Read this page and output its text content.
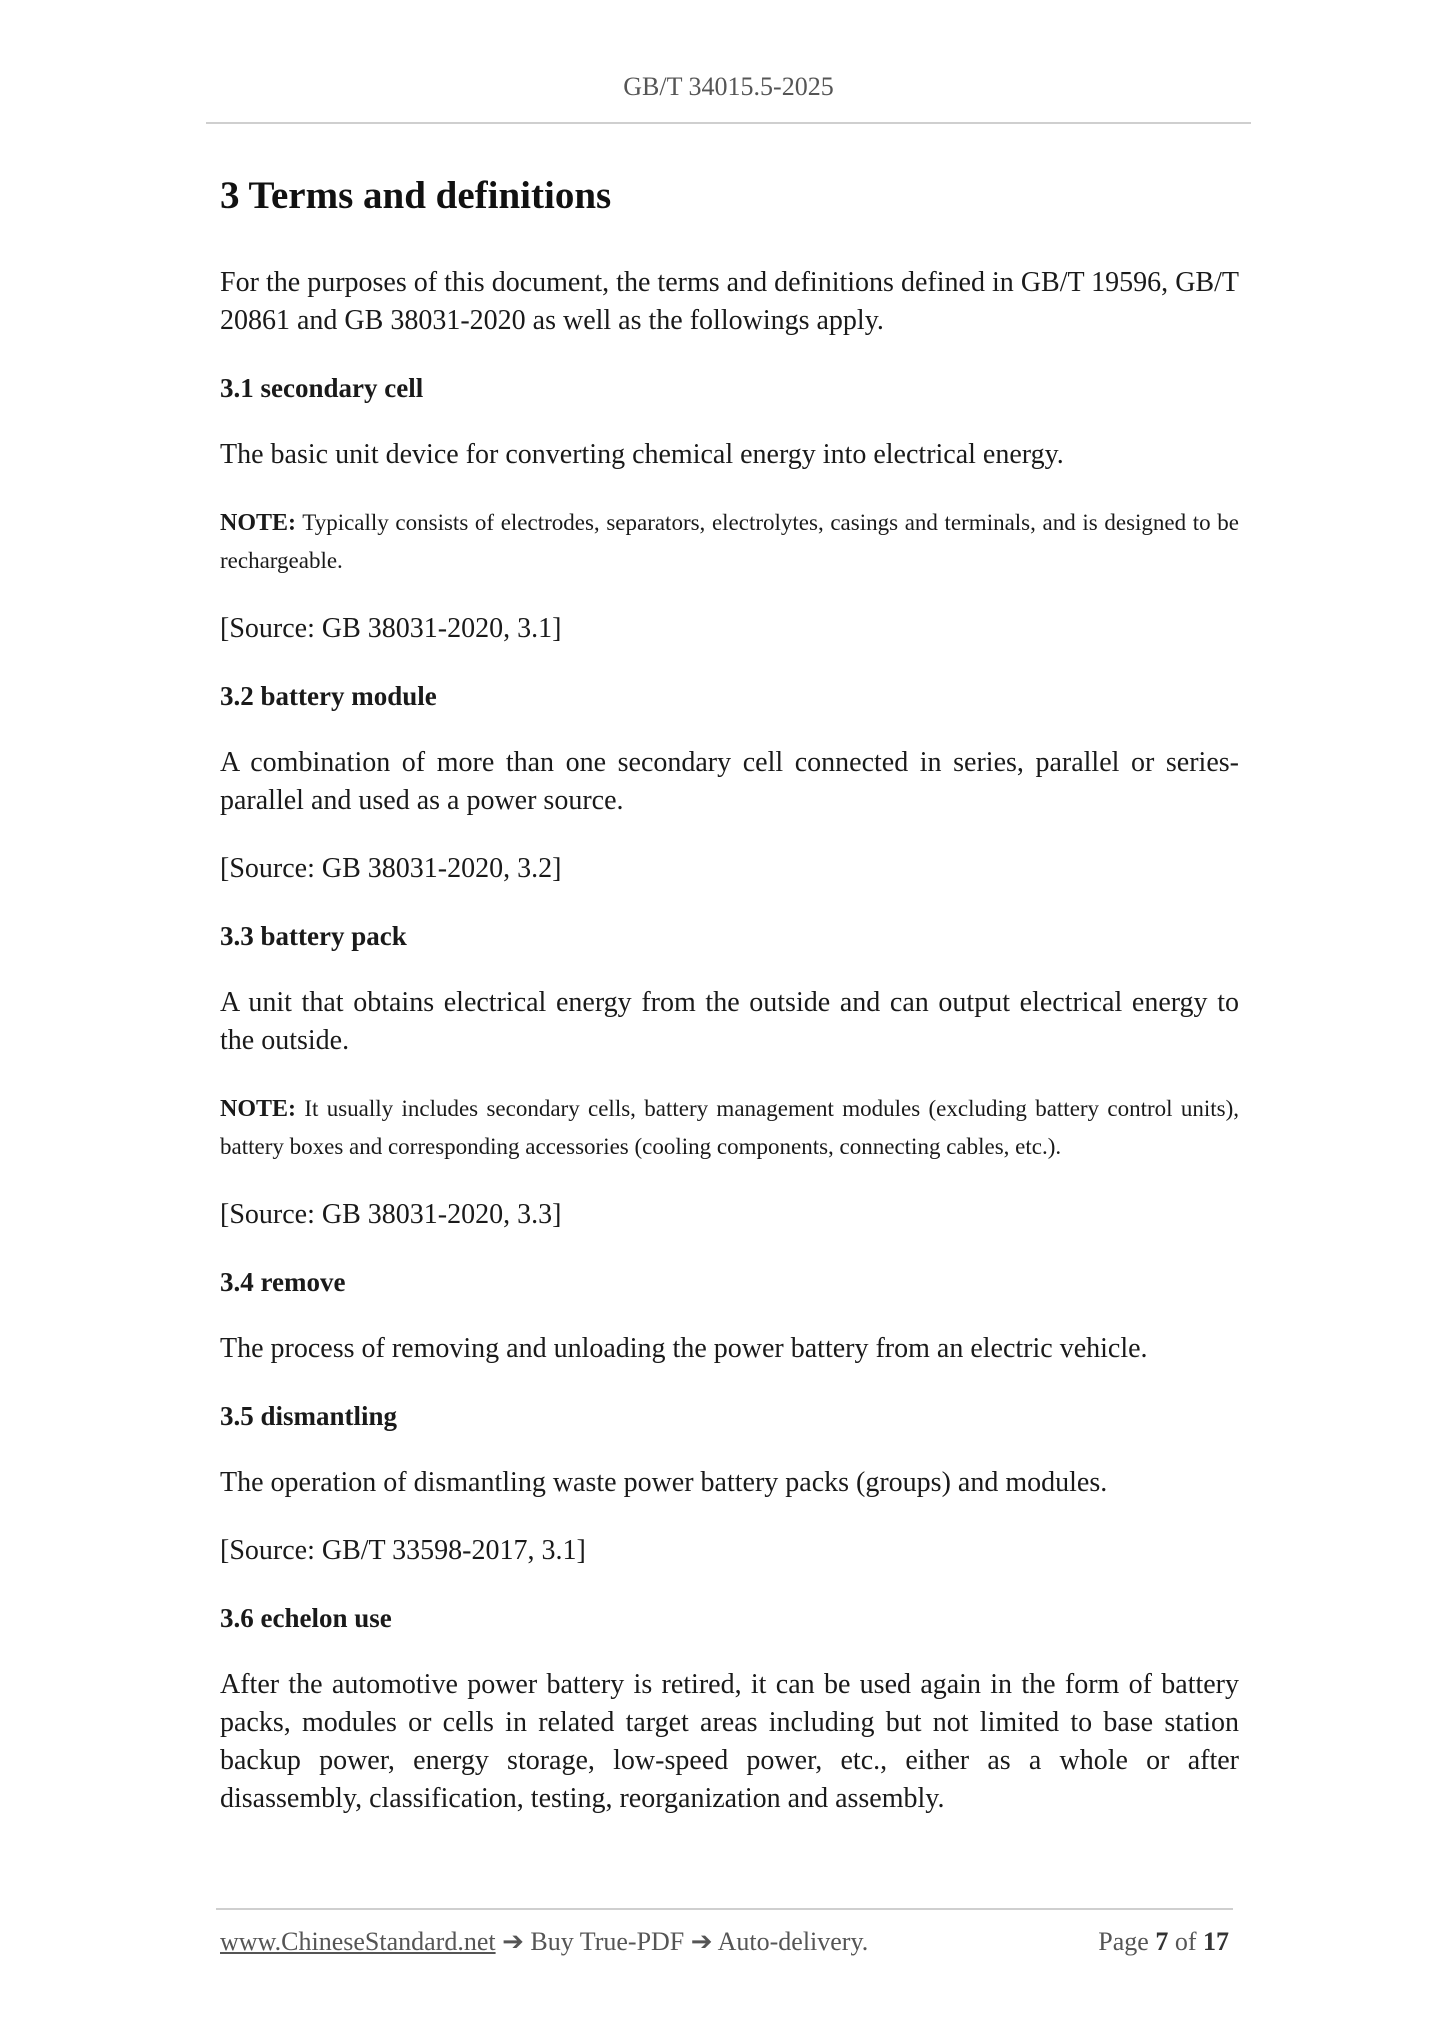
GB/T 34015.5-2025
3 Terms and definitions

For the purposes of this document, the terms and definitions defined in GB/T 19596, GB/T 20861 and GB 38031-2020 as well as the followings apply.

3.1 secondary cell

The basic unit device for converting chemical energy into electrical energy.

NOTE: Typically consists of electrodes, separators, electrolytes, casings and terminals, and is designed to be rechargeable.

[Source: GB 38031-2020, 3.1]

3.2 battery module

A combination of more than one secondary cell connected in series, parallel or series-parallel and used as a power source.

[Source: GB 38031-2020, 3.2]

3.3 battery pack

A unit that obtains electrical energy from the outside and can output electrical energy to the outside.

NOTE: It usually includes secondary cells, battery management modules (excluding battery control units), battery boxes and corresponding accessories (cooling components, connecting cables, etc.).

[Source: GB 38031-2020, 3.3]

3.4 remove

The process of removing and unloading the power battery from an electric vehicle.

3.5 dismantling

The operation of dismantling waste power battery packs (groups) and modules.

[Source: GB/T 33598-2017, 3.1]

3.6 echelon use

After the automotive power battery is retired, it can be used again in the form of battery packs, modules or cells in related target areas including but not limited to base station backup power, energy storage, low-speed power, etc., either as a whole or after disassembly, classification, testing, reorganization and assembly.

www.ChineseStandard.net ➔ Buy True-PDF ➔ Auto-delivery.	Page 7 of 17
